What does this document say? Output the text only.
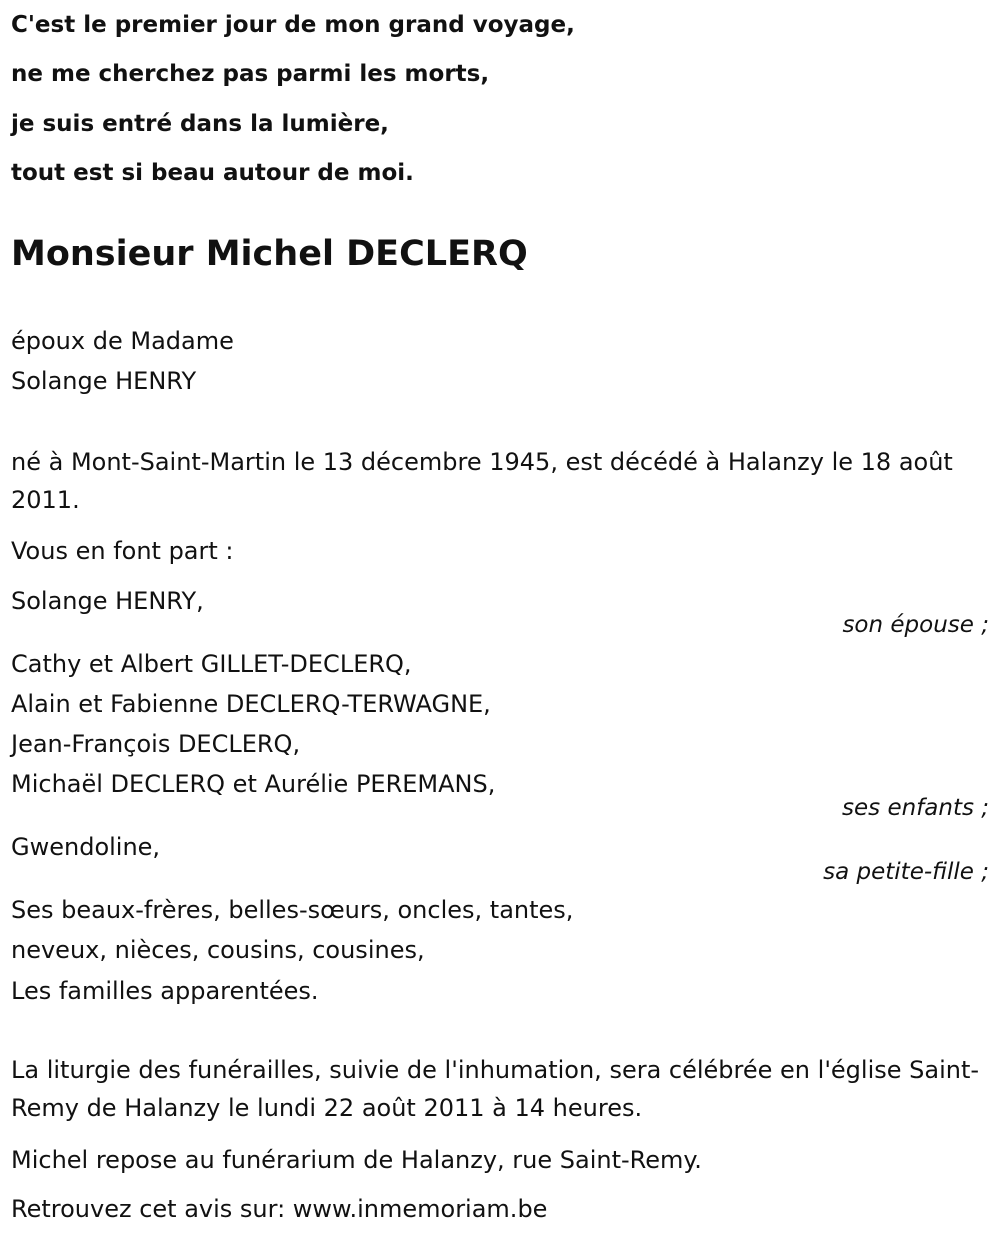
C'est le premier jour de mon grand voyage,
ne me cherchez pas parmi les morts,
je suis entré dans la lumière,
tout est si beau autour de moi.
Monsieur Michel DECLERQ
époux de Madame
Solange HENRY
né à Mont-Saint-Martin le 13 décembre 1945, est décédé à Halanzy le 18 août 2011.
Vous en font part :
Solange HENRY,
son épouse ;
Cathy et Albert GILLET-DECLERQ,
Alain et Fabienne DECLERQ-TERWAGNE,
Jean-François DECLERQ,
Michaël DECLERQ et Aurélie PEREMANS,
ses enfants ;
Gwendoline,
sa petite-fille ;
Ses beaux-frères, belles-sœurs, oncles, tantes,
neveux, nièces, cousins, cousines,
Les familles apparentées.
La liturgie des funérailles, suivie de l'inhumation, sera célébrée en l'église Saint-Remy de Halanzy le lundi 22 août 2011 à 14 heures.
Michel repose au funérarium de Halanzy, rue Saint-Remy.
Retrouvez cet avis sur: www.inmemoriam.be
